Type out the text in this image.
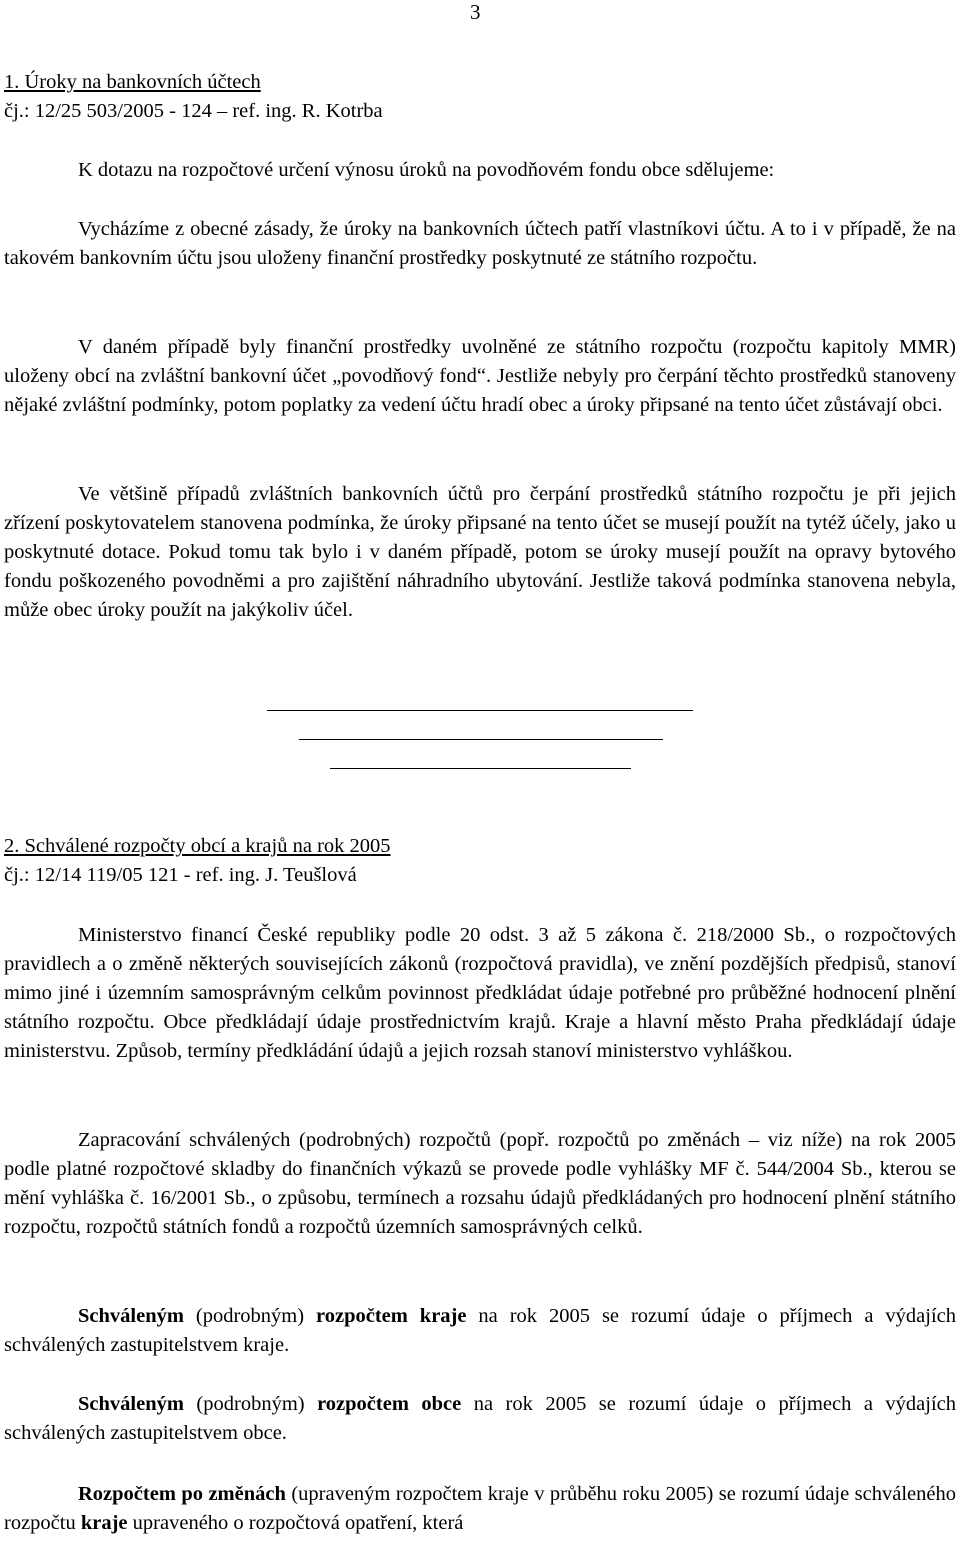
3
1. Úroky na bankovních účtech
čj.: 12/25 503/2005 - 124 – ref. ing. R. Kotrba
K dotazu na rozpočtové určení výnosu úroků na povodňovém fondu obce sdělujeme:
Vycházíme z obecné zásady, že úroky na bankovních účtech patří vlastníkovi účtu. A to i v případě, že na takovém bankovním účtu jsou uloženy finanční prostředky poskytnuté ze státního rozpočtu.
V daném případě byly finanční prostředky uvolněné ze státního rozpočtu (rozpočtu kapitoly MMR) uloženy obcí na zvláštní bankovní účet „povodňový fond“. Jestliže nebyly pro čerpání těchto prostředků stanoveny nějaké zvláštní podmínky, potom poplatky za vedení účtu hradí obec a úroky připsané na tento účet zůstávají obci.
Ve většině případů zvláštních bankovních účtů pro čerpání prostředků státního rozpočtu je při jejich zřízení poskytovatelem stanovena podmínka, že úroky připsané na tento účet se musejí použít na tytéž účely, jako u poskytnuté dotace. Pokud tomu tak bylo i v daném případě, potom se úroky musejí použít na opravy bytového fondu poškozeného povodněmi a pro zajištění náhradního ubytování. Jestliže taková podmínka stanovena nebyla, může obec úroky použít na jakýkoliv účel.
2. Schválené rozpočty obcí a krajů na rok 2005
čj.: 12/14 119/05 121 - ref. ing. J. Teušlová
Ministerstvo financí České republiky podle 20 odst. 3 až 5 zákona č. 218/2000 Sb., o rozpočtových pravidlech a o změně některých souvisejících zákonů (rozpočtová pravidla), ve znění pozdějších předpisů, stanoví mimo jiné i územním samosprávným celkům povinnost předkládat údaje potřebné pro průběžné hodnocení plnění státního rozpočtu. Obce předkládají údaje prostřednictvím krajů. Kraje a hlavní město Praha předkládají údaje ministerstvu. Způsob, termíny předkládání údajů a jejich rozsah stanoví ministerstvo vyhláškou.
Zapracování schválených (podrobných) rozpočtů (popř. rozpočtů po změnách – viz níže) na rok 2005 podle platné rozpočtové skladby do finančních výkazů se provede podle vyhlášky MF č. 544/2004 Sb., kterou se mění vyhláška č. 16/2001 Sb., o způsobu, termínech a rozsahu údajů předkládaných pro hodnocení plnění státního rozpočtu, rozpočtů státních fondů a rozpočtů územních samosprávných celků.
Schváleným (podrobným) rozpočtem kraje na rok 2005 se rozumí údaje o příjmech a výdajích schválených zastupitelstvem kraje.
Schváleným (podrobným) rozpočtem obce na rok 2005 se rozumí údaje o příjmech a výdajích schválených zastupitelstvem obce.
Rozpočtem po změnách (upraveným rozpočtem kraje v průběhu roku 2005) se rozumí údaje schváleného rozpočtu kraje upraveného o rozpočtová opatření, která
